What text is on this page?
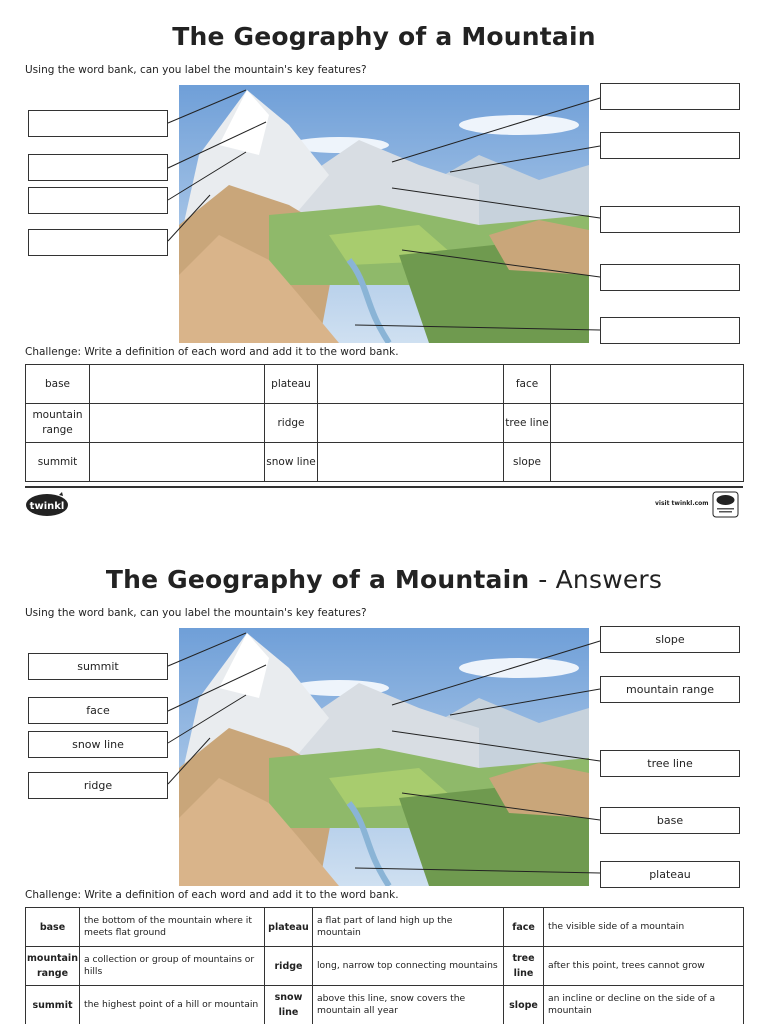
The Geography of a Mountain
Using the word bank, can you label the mountain's key features?
Challenge: Write a definition of each word and add it to the word bank.
base		plateau		face	
mountain range		ridge		tree line	
summit		snow line		slope	
twinkl	visit twinkl.com
The Geography of a Mountain - Answers
Using the word bank, can you label the mountain's key features?
summit
face
snow line
ridge
slope
mountain range
tree line
base
plateau
Challenge: Write a definition of each word and add it to the word bank.
base	the bottom of the mountain where it meets flat ground	plateau	a flat part of land high up the mountain	face	the visible side of a mountain
mountain range	a collection or group of mountains or hills	ridge	long, narrow top connecting mountains	tree line	after this point, trees cannot grow
summit	the highest point of a hill or mountain	snow line	above this line, snow covers the mountain all year	slope	an incline or decline on the side of a mountain
